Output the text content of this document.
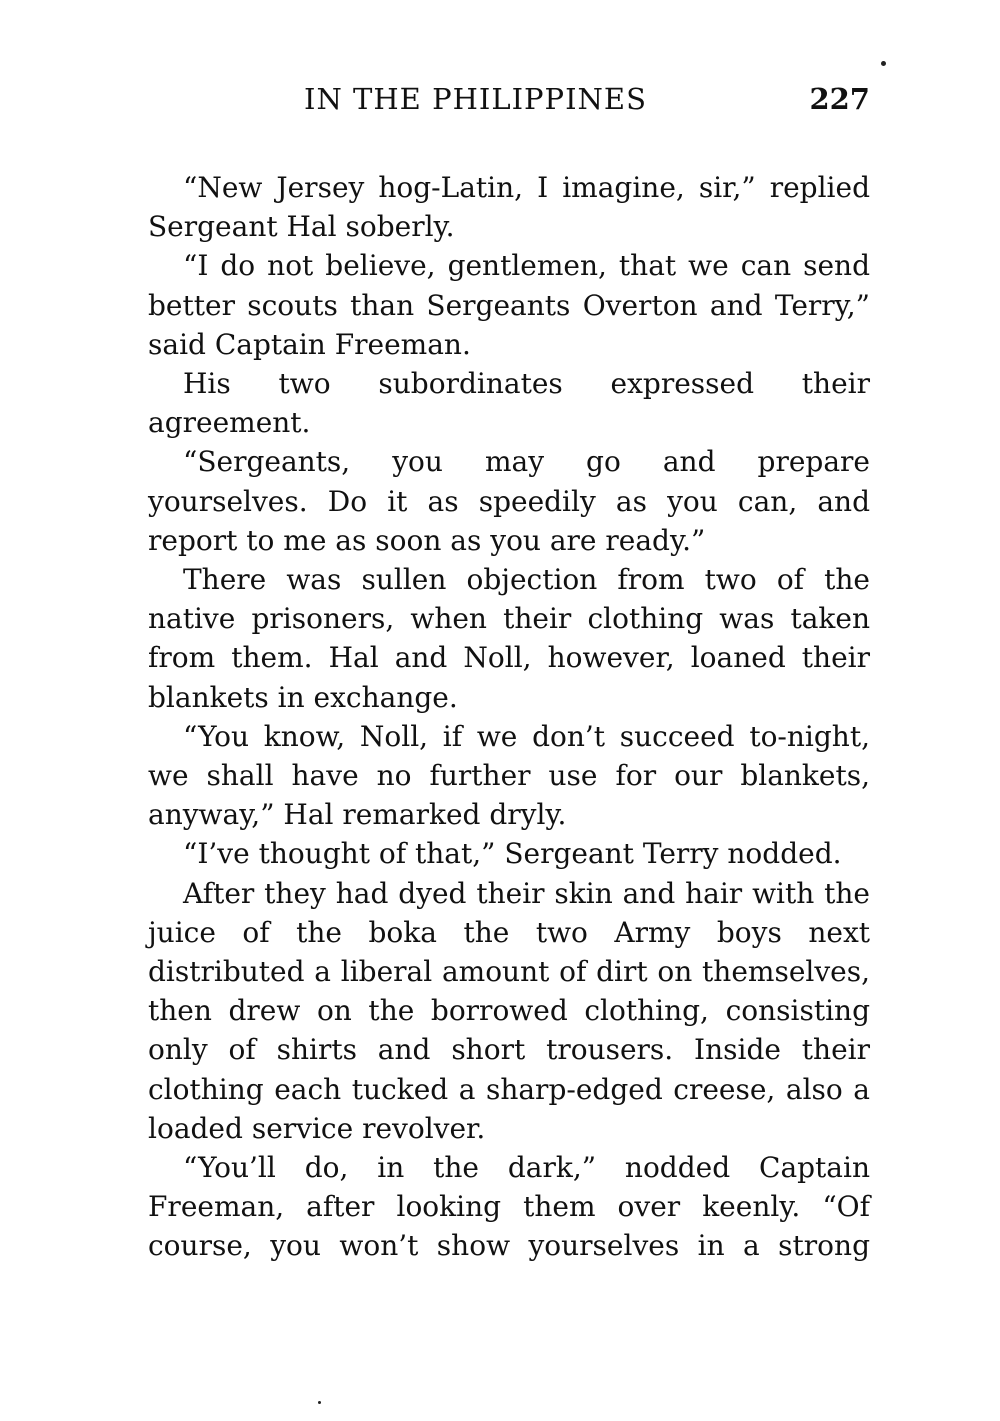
IN THE PHILIPPINES	227

“New Jersey hog-Latin, I imagine, sir,” replied Sergeant Hal soberly.

“I do not believe, gentlemen, that we can send better scouts than Sergeants Overton and Terry,” said Captain Freeman.

His two subordinates expressed their agreement.

“Sergeants, you may go and prepare yourselves. Do it as speedily as you can, and report to me as soon as you are ready.”

There was sullen objection from two of the native prisoners, when their clothing was taken from them. Hal and Noll, however, loaned their blankets in exchange.

“You know, Noll, if we don’t succeed to-night, we shall have no further use for our blankets, anyway,” Hal remarked dryly.

“I’ve thought of that,” Sergeant Terry nodded.

After they had dyed their skin and hair with the juice of the boka the two Army boys next distributed a liberal amount of dirt on themselves, then drew on the borrowed clothing, consisting only of shirts and short trousers. Inside their clothing each tucked a sharp-edged creese, also a loaded service revolver.

“You’ll do, in the dark,” nodded Captain Freeman, after looking them over keenly. “Of course, you won’t show yourselves in a strong
